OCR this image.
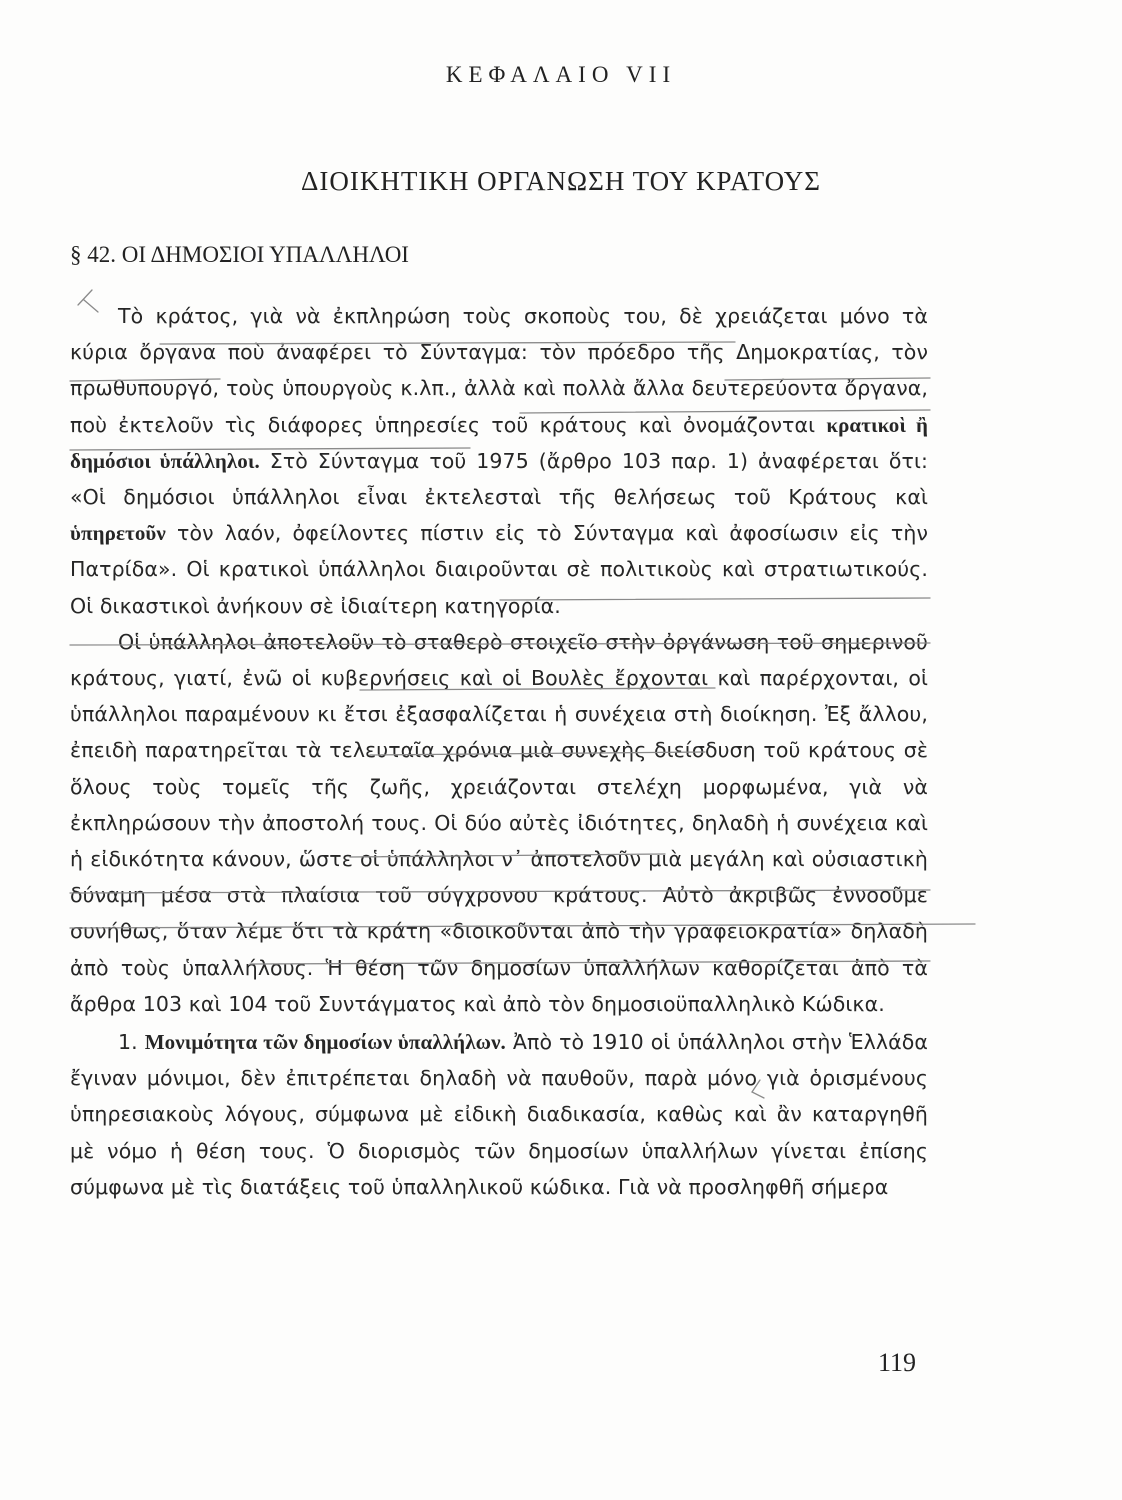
ΚΕΦΑΛΑΙΟ VII
ΔΙΟΙΚΗΤΙΚΗ ΟΡΓΑΝΩΣΗ ΤΟΥ ΚΡΑΤΟΥΣ
§ 42. ΟΙ ΔΗΜΟΣΙΟΙ ΥΠΑΛΛΗΛΟΙ

Τὸ κράτος, γιὰ νὰ ἐκπληρώση τοὺς σκοποὺς του, δὲ χρειάζεται μόνο τὰ κύρια ὄργανα ποὺ ἀναφέρει τὸ Σύνταγμα: τὸν πρόεδρο τῆς Δημοκρατίας, τὸν πρωθυπουργό, τοὺς ὑπουργοὺς κ.λπ., ἀλλὰ καὶ πολλὰ ἄλλα δευτερεύοντα ὄργανα, ποὺ ἐκτελοῦν τὶς διάφορες ὑπηρεσίες τοῦ κράτους καὶ ὀνομάζονται κρατικοὶ ἢ δημόσιοι ὑπάλληλοι. Στὸ Σύνταγμα τοῦ 1975 (ἄρθρο 103 παρ. 1) ἀναφέρεται ὅτι: «Οἱ δημόσιοι ὑπάλληλοι εἶναι ἐκτελεσταὶ τῆς θελήσεως τοῦ Κράτους καὶ ὑπηρετοῦν τὸν λαόν, ὀφείλοντες πίστιν εἰς τὸ Σύνταγμα καὶ ἀφοσίωσιν εἰς τὴν Πατρίδα». Οἱ κρατικοὶ ὑπάλληλοι διαιροῦνται σὲ πολιτικοὺς καὶ στρατιωτικούς. Οἱ δικαστικοὶ ἀνήκουν σὲ ἰδιαίτερη κατηγορία.

Οἱ ὑπάλληλοι ἀποτελοῦν τὸ σταθερὸ στοιχεῖο στὴν ὀργάνωση τοῦ σημερινοῦ κράτους, γιατί, ἐνῶ οἱ κυβερνήσεις καὶ οἱ Βουλὲς ἔρχονται καὶ παρέρχονται, οἱ ὑπάλληλοι παραμένουν κι ἔτσι ἐξασφαλίζεται ἡ συνέχεια στὴ διοίκηση. Ἐξ ἄλλου, ἐπειδὴ παρατηρεῖται τὰ τελευταῖα χρόνια μιὰ συνεχὴς διείσδυση τοῦ κράτους σὲ ὅλους τοὺς τομεῖς τῆς ζωῆς, χρειάζονται στελέχη μορφωμένα, γιὰ νὰ ἐκπληρώσουν τὴν ἀποστολή τους. Οἱ δύο αὐτὲς ἰδιότητες, δηλαδὴ ἡ συνέχεια καὶ ἡ εἰδικότητα κάνουν, ὥστε οἱ ὑπάλληλοι ν᾿ ἀποτελοῦν μιὰ μεγάλη καὶ οὐσιαστικὴ δύναμη μέσα στὰ πλαίσια τοῦ σύγχρονου κράτους. Αὐτὸ ἀκριβῶς ἐννοοῦμε συνήθως, ὅταν λέμε ὅτι τὰ κράτη «διοικοῦνται ἀπὸ τὴν γραφειοκρατία» δηλαδὴ ἀπὸ τοὺς ὑπαλλήλους. Ἡ θέση τῶν δημοσίων ὑπαλλήλων καθορίζεται ἀπὸ τὰ ἄρθρα 103 καὶ 104 τοῦ Συντάγματος καὶ ἀπὸ τὸν δημοσιοϋπαλληλικὸ Κώδικα.

1. Μονιμότητα τῶν δημοσίων ὑπαλλήλων. Ἀπὸ τὸ 1910 οἱ ὑπάλληλοι στὴν Ἑλλάδα ἔγιναν μόνιμοι, δὲν ἐπιτρέπεται δηλαδὴ νὰ παυθοῦν, παρὰ μόνο γιὰ ὁρισμένους ὑπηρεσιακοὺς λόγους, σύμφωνα μὲ εἰδικὴ διαδικασία, καθὼς καὶ ἂν καταργηθῆ μὲ νόμο ἡ θέση τους. Ὁ διορισμὸς τῶν δημοσίων ὑπαλλήλων γίνεται ἐπίσης σύμφωνα μὲ τὶς διατάξεις τοῦ ὑπαλληλικοῦ κώδικα. Γιὰ νὰ προσληφθῆ σήμερα

119
